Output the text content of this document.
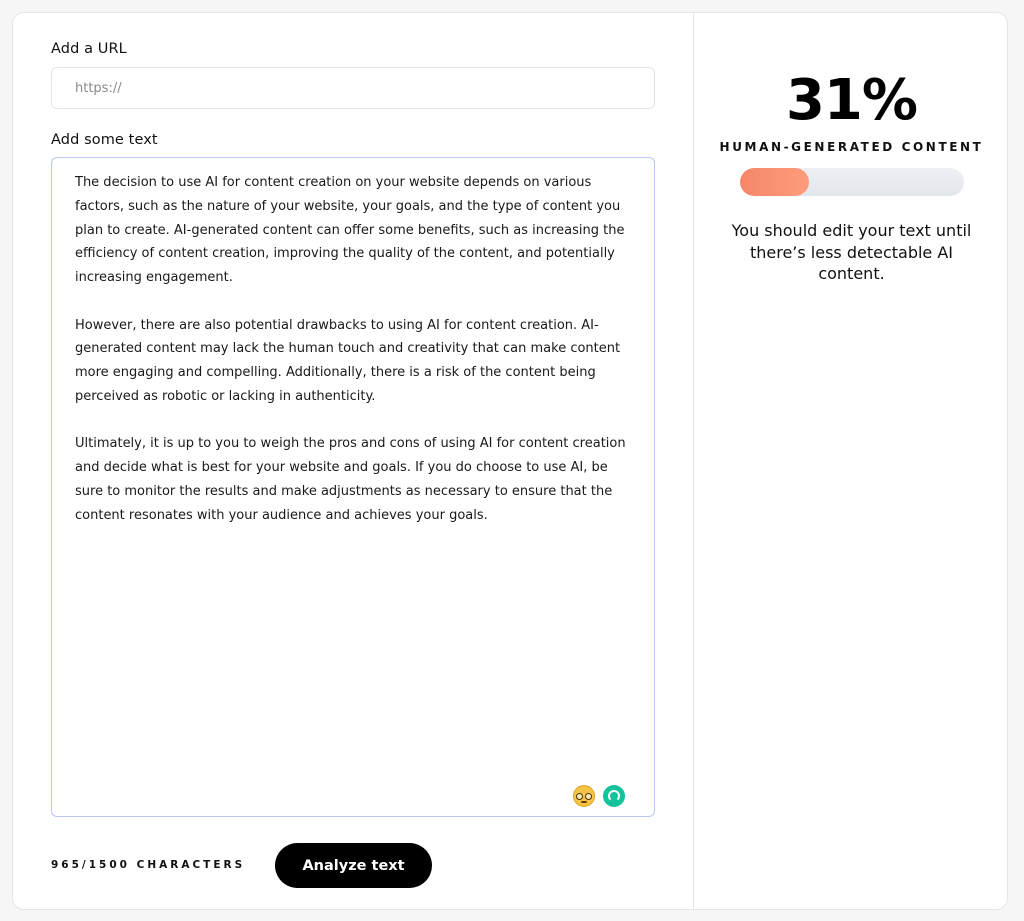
Add a URL
https://
Add some text

The decision to use AI for content creation on your website depends on various factors, such as the nature of your website, your goals, and the type of content you plan to create. AI-generated content can offer some benefits, such as increasing the efficiency of content creation, improving the quality of the content, and potentially increasing engagement.

However, there are also potential drawbacks to using AI for content creation. AI-generated content may lack the human touch and creativity that can make content more engaging and compelling. Additionally, there is a risk of the content being perceived as robotic or lacking in authenticity.

Ultimately, it is up to you to weigh the pros and cons of using AI for content creation and decide what is best for your website and goals. If you do choose to use AI, be sure to monitor the results and make adjustments as necessary to ensure that the content resonates with your audience and achieves your goals.

965/1500 CHARACTERS	Analyze text
31%
HUMAN-GENERATED CONTENT
You should edit your text until there’s less detectable AI content.
